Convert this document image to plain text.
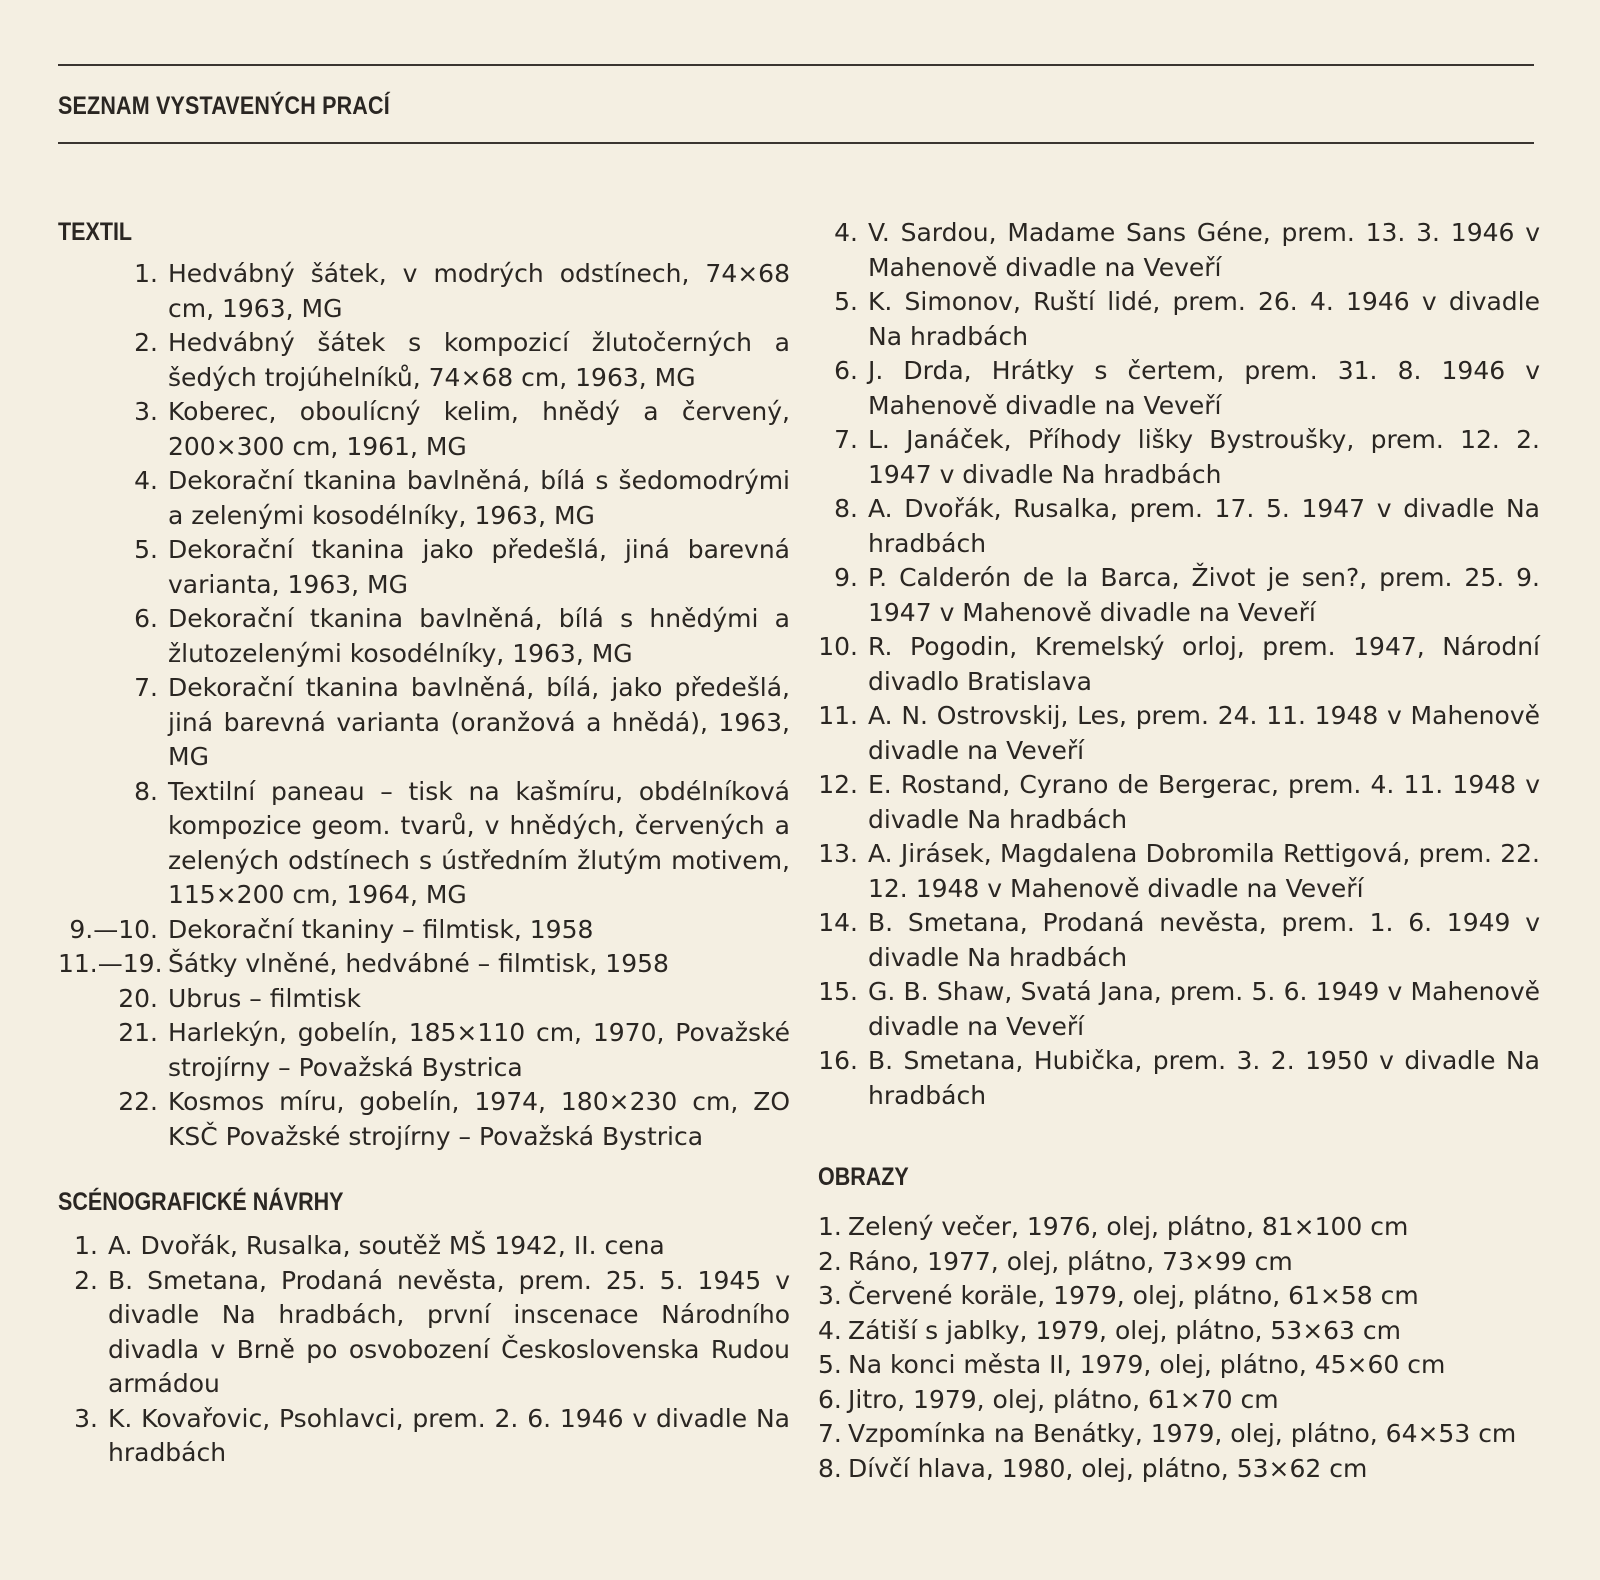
SEZNAM VYSTAVENÝCH PRACÍ
TEXTIL
1. Hedvábný šátek, v modrých odstínech, 74×68 cm, 1963, MG
2. Hedvábný šátek s kompozicí žlutočerných a šedých trojúhelníků, 74×68 cm, 1963, MG
3. Koberec, oboulícný kelim, hnědý a červený, 200×300 cm, 1961, MG
4. Dekorační tkanina bavlněná, bílá s šedomodrými a zelenými kosodélníky, 1963, MG
5. Dekorační tkanina jako předešlá, jiná barevná varianta, 1963, MG
6. Dekorační tkanina bavlněná, bílá s hnědými a žlutozelenými kosodélníky, 1963, MG
7. Dekorační tkanina bavlněná, bílá, jako předešlá, jiná barevná varianta (oranžová a hnědá), 1963, MG
8. Textilní paneau – tisk na kašmíru, obdélníková kompozice geom. tvarů, v hnědých, červených a zelených odstínech s ústředním žlutým motivem, 115×200 cm, 1964, MG
9.—10. Dekorační tkaniny – filmtisk, 1958
11.—19. Šátky vlněné, hedvábné – filmtisk, 1958
20. Ubrus – filmtisk
21. Harlekýn, gobelín, 185×110 cm, 1970, Považské strojírny – Považská Bystrica
22. Kosmos míru, gobelín, 1974, 180×230 cm, ZO KSČ Považské strojírny – Považská Bystrica
SCÉNOGRAFICKÉ NÁVRHY
1. A. Dvořák, Rusalka, soutěž MŠ 1942, II. cena
2. B. Smetana, Prodaná nevěsta, prem. 25. 5. 1945 v divadle Na hradbách, první inscenace Národního divadla v Brně po osvobození Československa Rudou armádou
3. K. Kovařovic, Psohlavci, prem. 2. 6. 1946 v divadle Na hradbách
4. V. Sardou, Madame Sans Géne, prem. 13. 3. 1946 v Mahenově divadle na Veveří
5. K. Simonov, Ruští lidé, prem. 26. 4. 1946 v divadle Na hradbách
6. J. Drda, Hrátky s čertem, prem. 31. 8. 1946 v Mahenově divadle na Veveří
7. L. Janáček, Příhody lišky Bystroušky, prem. 12. 2. 1947 v divadle Na hradbách
8. A. Dvořák, Rusalka, prem. 17. 5. 1947 v divadle Na hradbách
9. P. Calderón de la Barca, Život je sen?, prem. 25. 9. 1947 v Mahenově divadle na Veveří
10. R. Pogodin, Kremelský orloj, prem. 1947, Národní divadlo Bratislava
11. A. N. Ostrovskij, Les, prem. 24. 11. 1948 v Mahenově divadle na Veveří
12. E. Rostand, Cyrano de Bergerac, prem. 4. 11. 1948 v divadle Na hradbách
13. A. Jirásek, Magdalena Dobromila Rettigová, prem. 22. 12. 1948 v Mahenově divadle na Veveří
14. B. Smetana, Prodaná nevěsta, prem. 1. 6. 1949 v divadle Na hradbách
15. G. B. Shaw, Svatá Jana, prem. 5. 6. 1949 v Mahenově divadle na Veveří
16. B. Smetana, Hubička, prem. 3. 2. 1950 v divadle Na hradbách
OBRAZY
1. Zelený večer, 1976, olej, plátno, 81×100 cm
2. Ráno, 1977, olej, plátno, 73×99 cm
3. Červené koräle, 1979, olej, plátno, 61×58 cm
4. Zátiší s jablky, 1979, olej, plátno, 53×63 cm
5. Na konci města II, 1979, olej, plátno, 45×60 cm
6. Jitro, 1979, olej, plátno, 61×70 cm
7. Vzpomínka na Benátky, 1979, olej, plátno, 64×53 cm
8. Dívčí hlava, 1980, olej, plátno, 53×62 cm
